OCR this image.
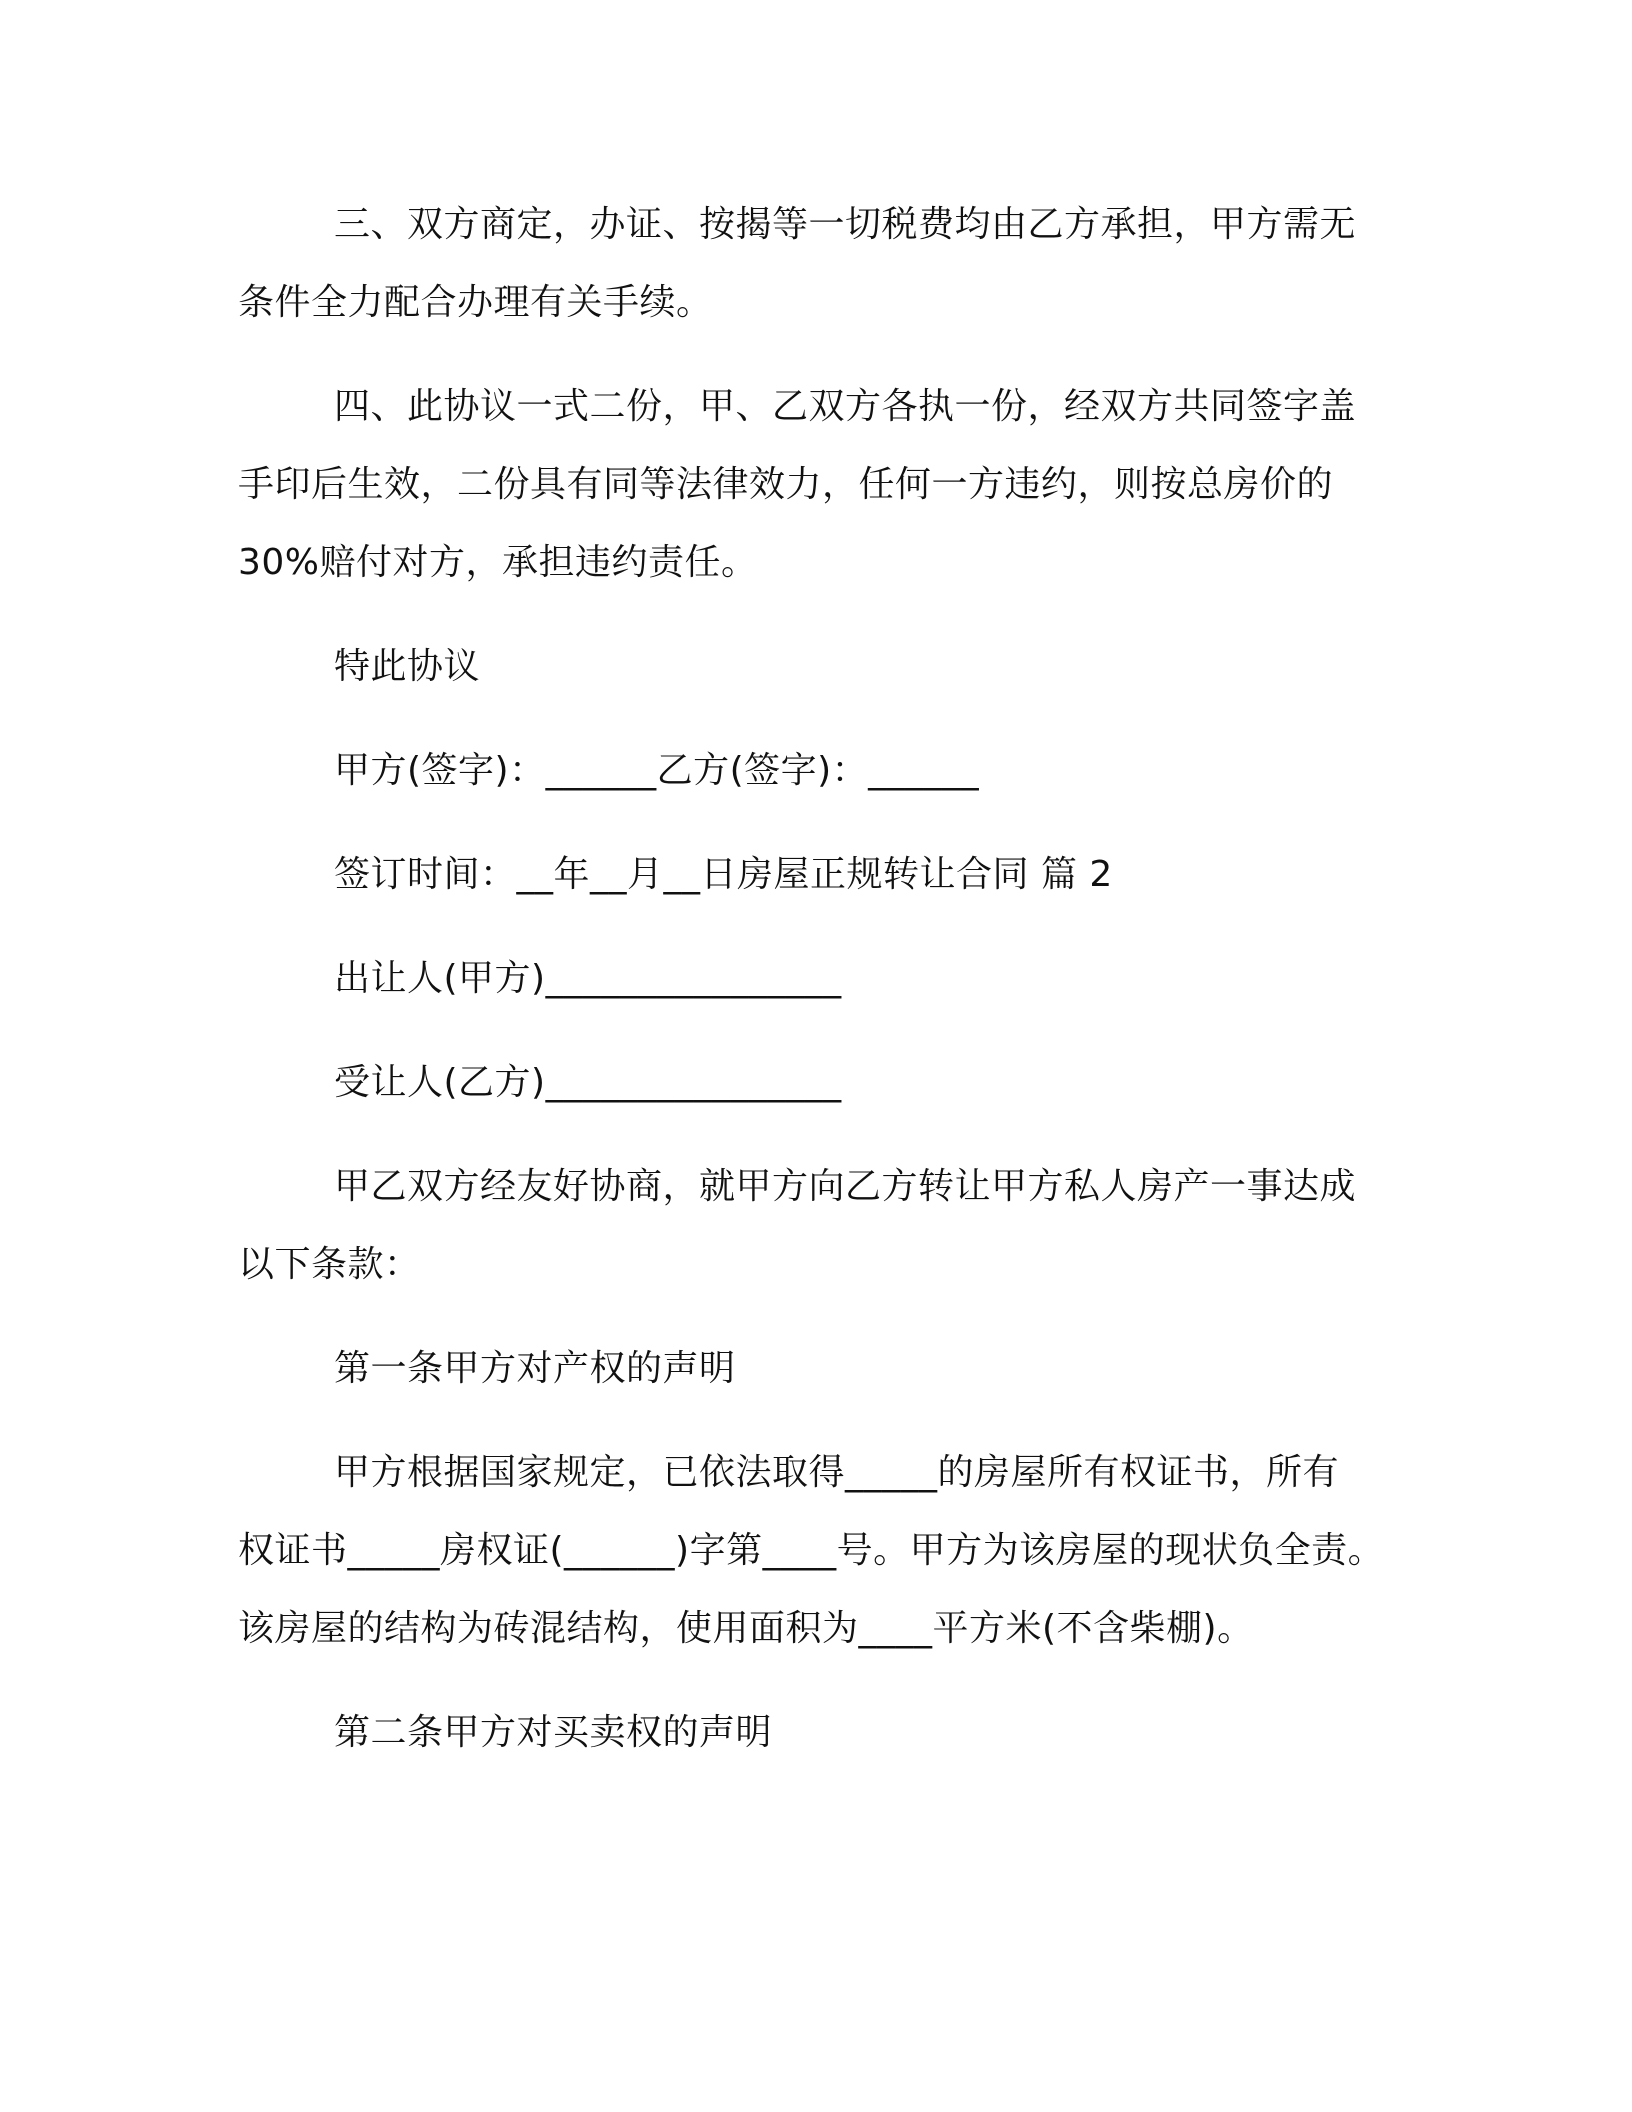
三、双方商定，办证、按揭等一切税费均由乙方承担，甲方需无
条件全力配合办理有关手续。

四、此协议一式二份，甲、乙双方各执一份，经双方共同签字盖
手印后生效，二份具有同等法律效力，任何一方违约，则按总房价的
30%赔付对方，承担违约责任。

特此协议

甲方(签字)：______乙方(签字)：______

签订时间：__年__月__日房屋正规转让合同 篇 2

出让人(甲方)________________

受让人(乙方)________________

甲乙双方经友好协商，就甲方向乙方转让甲方私人房产一事达成
以下条款：

第一条甲方对产权的声明

甲方根据国家规定，已依法取得_____的房屋所有权证书，所有
权证书_____房权证(______)字第____号。甲方为该房屋的现状负全责。
该房屋的结构为砖混结构，使用面积为____平方米(不含柴棚)。

第二条甲方对买卖权的声明
